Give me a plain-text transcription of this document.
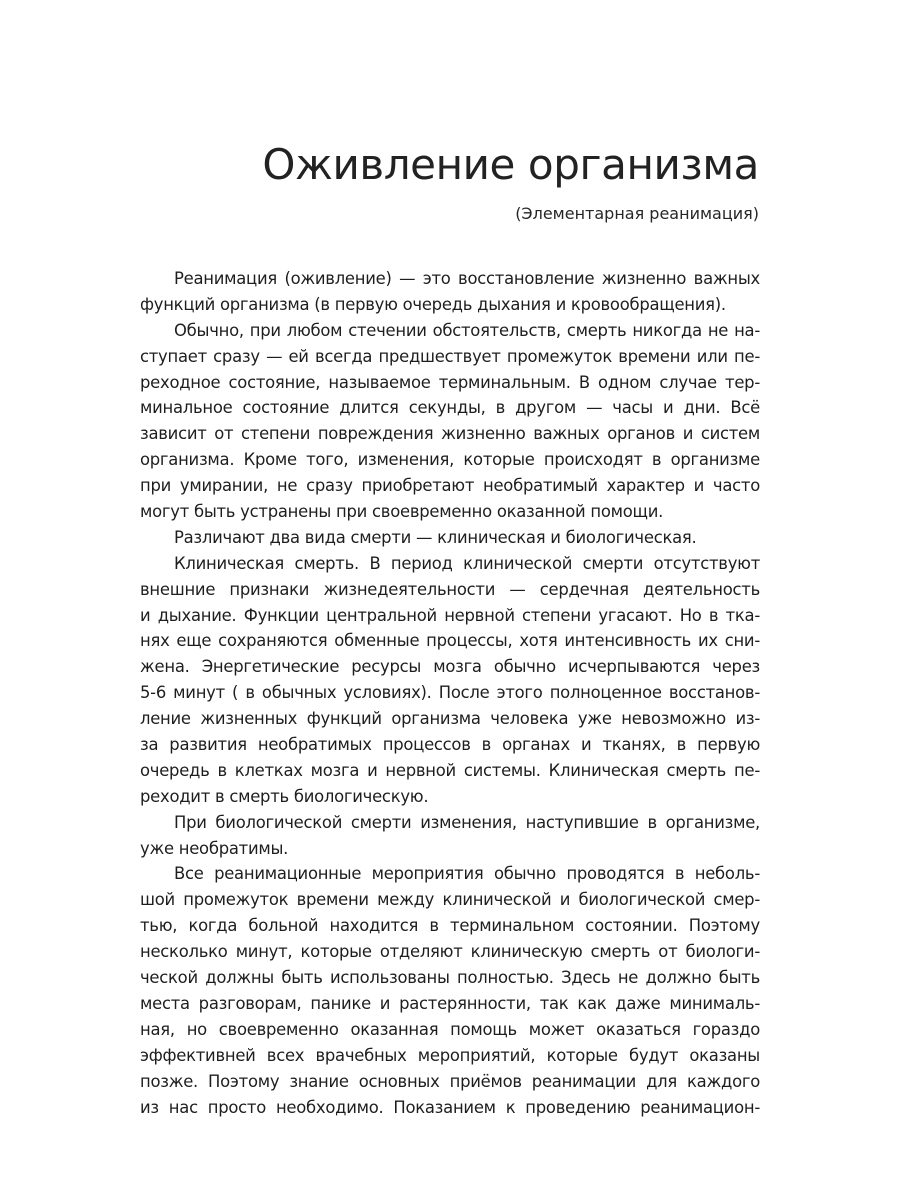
Оживление организма
(Элементарная реанимация)
Реанимация (оживление) — это восстановление жизненно важных
функций организма (в первую очередь дыхания и кровообращения).
Обычно, при любом стечении обстоятельств, смерть никогда не на-
ступает сразу — ей всегда предшествует промежуток времени или пе-
реходное состояние, называемое терминальным. В одном случае тер-
минальное состояние длится секунды, в другом — часы и дни. Всё
зависит от степени повреждения жизненно важных органов и систем
организма. Кроме того, изменения, которые происходят в организме
при умирании, не сразу приобретают необратимый характер и часто
могут быть устранены при своевременно оказанной помощи.
Различают два вида смерти — клиническая и биологическая.
Клиническая смерть. В период клинической смерти отсутствуют
внешние признаки жизнедеятельности — сердечная деятельность
и дыхание. Функции центральной нервной степени угасают. Но в тка-
нях еще сохраняются обменные процессы, хотя интенсивность их сни-
жена. Энергетические ресурсы мозга обычно исчерпываются через
5-6 минут ( в обычных условиях). После этого полноценное восстанов-
ление жизненных функций организма человека уже невозможно из-
за развития необратимых процессов в органах и тканях, в первую
очередь в клетках мозга и нервной системы. Клиническая смерть пе-
реходит в смерть биологическую.
При биологической смерти изменения, наступившие в организме,
уже необратимы.
Все реанимационные мероприятия обычно проводятся в неболь-
шой промежуток времени между клинической и биологической смер-
тью, когда больной находится в терминальном состоянии. Поэтому
несколько минут, которые отделяют клиническую смерть от биологи-
ческой должны быть использованы полностью. Здесь не должно быть
места разговорам, панике и растерянности, так как даже минималь-
ная, но своевременно оказанная помощь может оказаться гораздо
эффективней всех врачебных мероприятий, которые будут оказаны
позже. Поэтому знание основных приёмов реанимации для каждого
из нас просто необходимо. Показанием к проведению реанимацион-
